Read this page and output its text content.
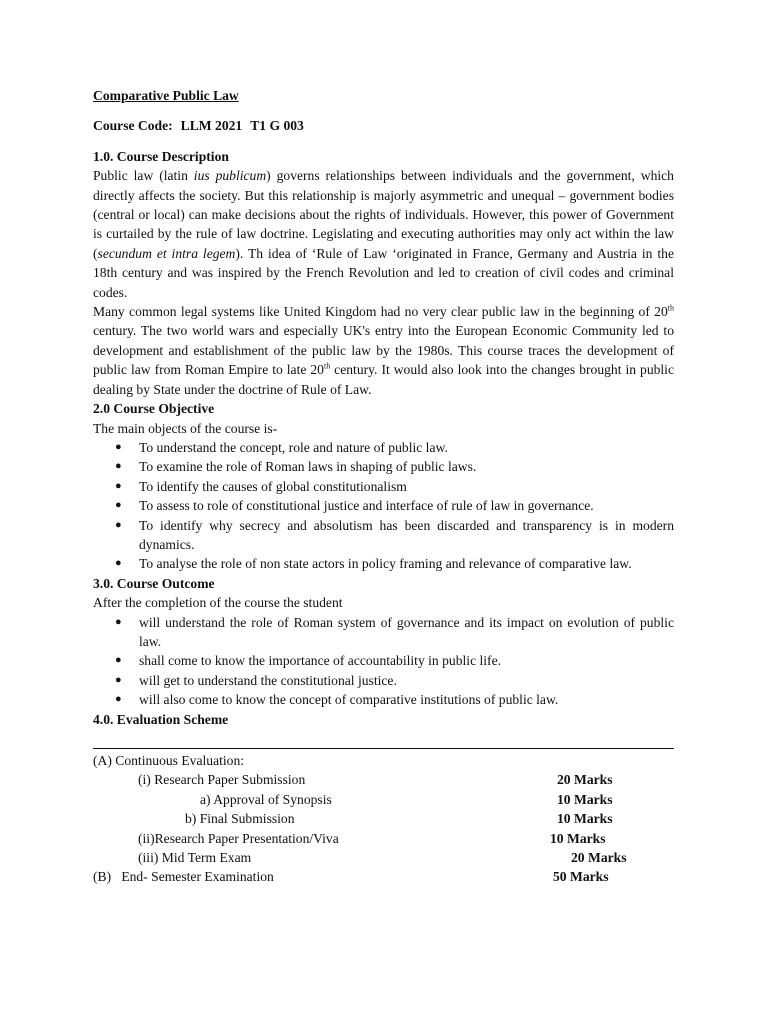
Comparative Public Law

Course Code: LLM 2021 T1 G 003
1.0. Course Description
Public law (latin ius publicum) governs relationships between individuals and the government, which directly affects the society. But this relationship is majorly asymmetric and unequal – government bodies (central or local) can make decisions about the rights of individuals. However, this power of Government is curtailed by the rule of law doctrine. Legislating and executing authorities may only act within the law (secundum et intra legem). Th idea of ‘Rule of Law ‘originated in France, Germany and Austria in the 18th century and was inspired by the French Revolution and led to creation of civil codes and criminal codes.
Many common legal systems like United Kingdom had no very clear public law in the beginning of 20th century. The two world wars and especially UK's entry into the European Economic Community led to development and establishment of the public law by the 1980s. This course traces the development of public law from Roman Empire to late 20th century. It would also look into the changes brought in public dealing by State under the doctrine of Rule of Law.
2.0 Course Objective
The main objects of the course is-
● To understand the concept, role and nature of public law.
● To examine the role of Roman laws in shaping of public laws.
● To identify the causes of global constitutionalism
● To assess to role of constitutional justice and interface of rule of law in governance.
● To identify why secrecy and absolutism has been discarded and transparency is in modern dynamics.
● To analyse the role of non state actors in policy framing and relevance of comparative law.
3.0. Course Outcome
After the completion of the course the student
● will understand the role of Roman system of governance and its impact on evolution of public law.
● shall come to know the importance of accountability in public life.
● will get to understand the constitutional justice.
● will also come to know the concept of comparative institutions of public law.
4.0. Evaluation Scheme
(A) Continuous Evaluation:
(i) Research Paper Submission	20 Marks
a) Approval of Synopsis	10 Marks
b) Final Submission	10 Marks
(ii)Research Paper Presentation/Viva	10 Marks
(iii) Mid Term Exam	20 Marks
(B)   End- Semester Examination	50 Marks
